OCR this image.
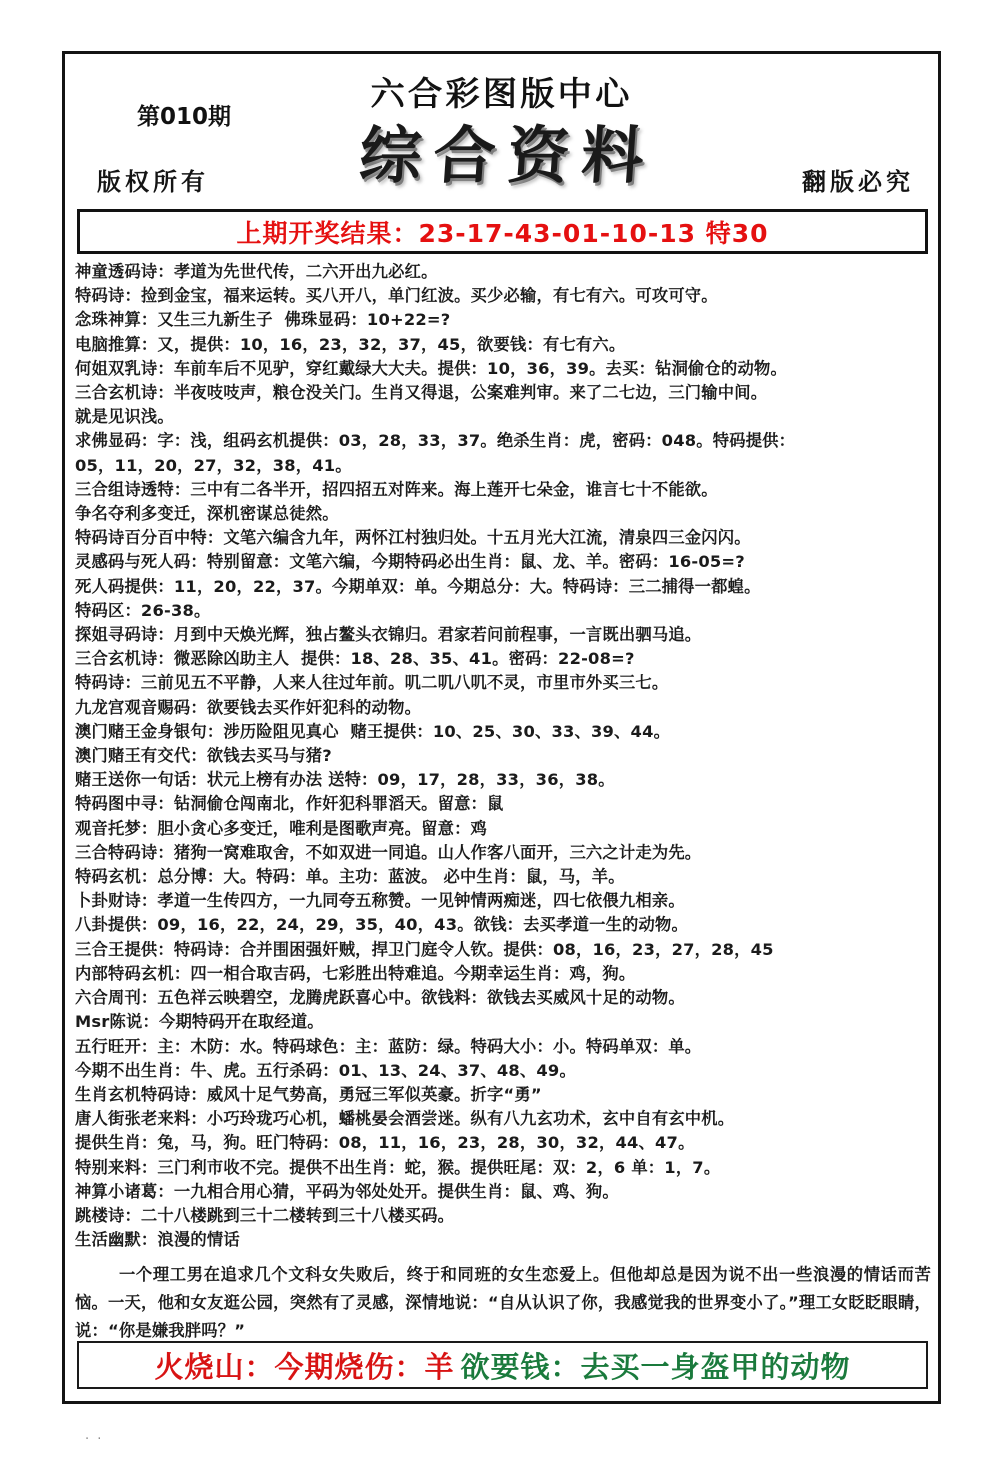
六合彩图版中心
第010期
综合资料
版权所有	翻版必究
上期开奖结果：23-17-43-01-10-13 特30
神童透码诗：孝道为先世代传，二六开出九必红。
特码诗：捡到金宝，福来运转。买八开八，单门红波。买少必输，有七有六。可攻可守。
念珠神算：又生三九新生子  佛珠显码：10+22=?
电脑推算：又，提供：10，16，23，32，37，45，欲要钱：有七有六。
何姐双乳诗：车前车后不见驴，穿红戴绿大大夫。提供：10，36，39。去买：钻洞偷仓的动物。
三合玄机诗：半夜吱吱声，粮仓没关门。生肖又得退，公案难判审。来了二七边，三门输中间。
就是见识浅。
求佛显码：字：浅，组码玄机提供：03，28，33，37。绝杀生肖：虎，密码：048。特码提供：
05，11，20，27，32，38，41。
三合组诗透特：三中有二各半开，招四招五对阵来。海上莲开七朵金，谁言七十不能欲。
争名夺利多变迁，深机密谋总徒然。
特码诗百分百中特：文笔六编含九年，两怀江村独归处。十五月光大江流，清泉四三金闪闪。
灵感码与死人码：特别留意：文笔六编，今期特码必出生肖：鼠、龙、羊。密码：16-05=?
死人码提供：11，20，22，37。今期单双：单。今期总分：大。特码诗：三二捕得一都蝗。
特码区：26-38。
探姐寻码诗：月到中天焕光辉，独占鳌头衣锦归。君家若问前程事，一言既出驷马追。
三合玄机诗：微恶除凶助主人  提供：18、28、35、41。密码：22-08=?
特码诗：三前见五不平静，人来人往过年前。叽二叽八叽不灵，市里市外买三七。
九龙宫观音赐码：欲要钱去买作奸犯科的动物。
澳门赌王金身银句：涉历险阻见真心  赌王提供：10、25、30、33、39、44。
澳门赌王有交代：欲钱去买马与猪?
赌王送你一句话：状元上榜有办法 送特：09，17，28，33，36，38。
特码图中寻：钻洞偷仓闯南北，作奸犯科罪滔天。留意：鼠
观音托梦：胆小贪心多变迁，唯利是图歌声亮。留意：鸡
三合特码诗：猪狗一窝难取舍，不如双进一同追。山人作客八面开，三六之计走为先。
特码玄机：总分博：大。特码：单。主功：蓝波。 必中生肖：鼠，马，羊。
卜卦财诗：孝道一生传四方，一九同夸五称赞。一见钟情两痴迷，四七依偎九相亲。
八卦提供：09，16，22，24，29，35，40，43。欲钱：去买孝道一生的动物。
三合王提供：特码诗：合并围困强奸贼，捍卫门庭令人钦。提供：08，16，23，27，28，45
内部特码玄机：四一相合取吉码，七彩胜出特难追。今期幸运生肖：鸡，狗。
六合周刊：五色祥云映碧空，龙腾虎跃喜心中。欲钱料：欲钱去买威风十足的动物。
Msr陈说：今期特码开在取经道。
五行旺开：主：木防：水。特码球色：主：蓝防：绿。特码大小：小。特码单双：单。
今期不出生肖：牛、虎。五行杀码：01、13、24、37、48、49。
生肖玄机特码诗：威风十足气势高，勇冠三军似英豪。折字“勇”
唐人街张老来料：小巧玲珑巧心机，蟠桃晏会酒尝迷。纵有八九玄功术，玄中自有玄中机。
提供生肖：兔，马，狗。旺门特码：08，11，16，23，28，30，32，44、47。
特别来料：三门利市收不完。提供不出生肖：蛇，猴。提供旺尾：双：2，6 单：1，7。
神算小诸葛：一九相合用心猜，平码为邻处处开。提供生肖：鼠、鸡、狗。
跳楼诗：二十八楼跳到三十二楼转到三十八楼买码。
生活幽默：浪漫的情话
一个理工男在追求几个文科女失败后，终于和同班的女生恋爱上。但他却总是因为说不出一些浪漫的情话而苦恼。一天，他和女友逛公园，突然有了灵感，深情地说：“自从认识了你，我感觉我的世界变小了。”理工女眨眨眼睛，说：“你是嫌我胖吗？”
火烧山：今期烧伤：羊 欲要钱：去买一身盔甲的动物
· ·
